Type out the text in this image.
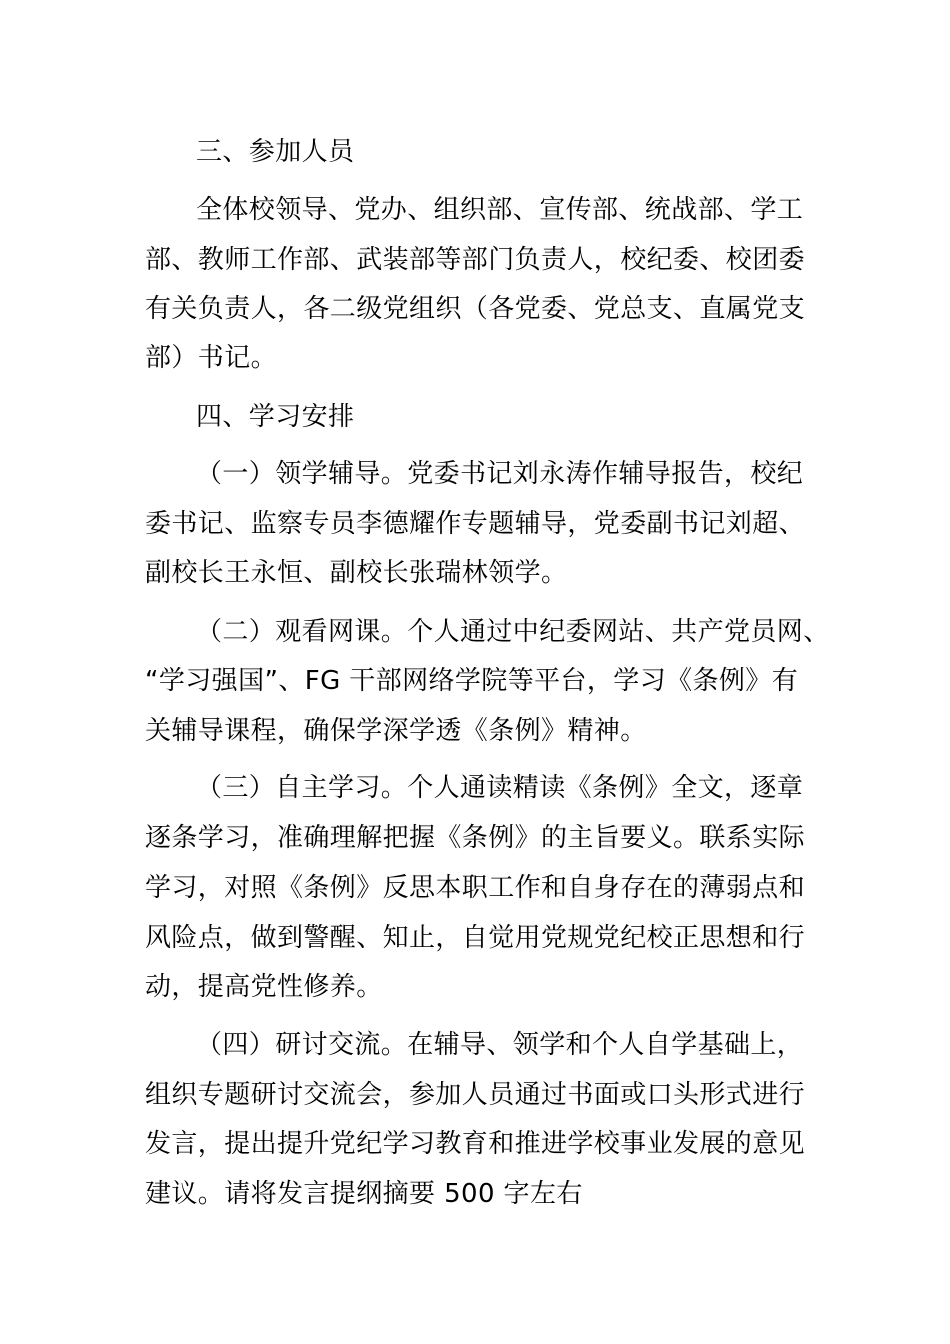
三、参加人员
全体校领导、党办、组织部、宣传部、统战部、学工
部、教师工作部、武装部等部门负责人，校纪委、校团委
有关负责人，各二级党组织（各党委、党总支、直属党支
部）书记。
四、学习安排
（一）领学辅导。党委书记刘永涛作辅导报告，校纪
委书记、监察专员李德耀作专题辅导，党委副书记刘超、
副校长王永恒、副校长张瑞林领学。
（二）观看网课。个人通过中纪委网站、共产党员网、
“学习强国”、FG 干部网络学院等平台，学习《条例》有
关辅导课程，确保学深学透《条例》精神。
（三）自主学习。个人通读精读《条例》全文，逐章
逐条学习，准确理解把握《条例》的主旨要义。联系实际
学习，对照《条例》反思本职工作和自身存在的薄弱点和
风险点，做到警醒、知止，自觉用党规党纪校正思想和行
动，提高党性修养。
（四）研讨交流。在辅导、领学和个人自学基础上，
组织专题研讨交流会，参加人员通过书面或口头形式进行
发言，提出提升党纪学习教育和推进学校事业发展的意见
建议。请将发言提纲摘要 500 字左右
